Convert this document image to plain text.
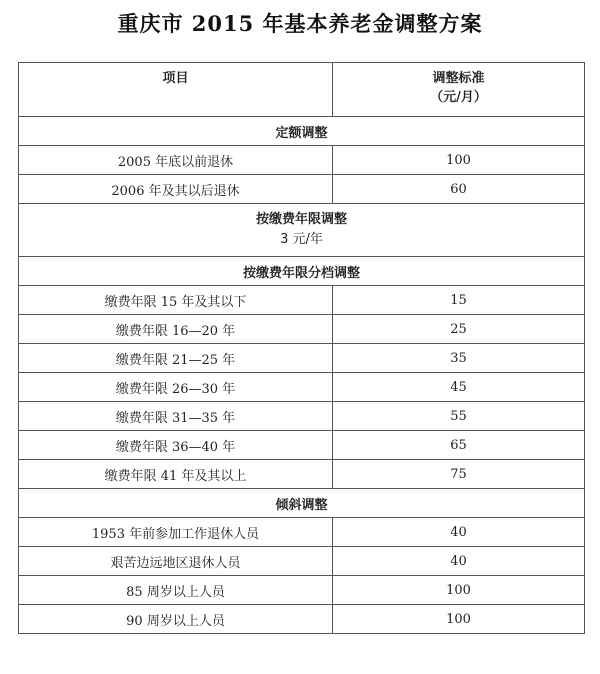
重庆市 2015 年基本养老金调整方案
项目	调整标准
（元/月）

定额调整	
2005 年底以前退休	100
2006 年及其以后退休	60

按缴费年限调整
3 元/年	

按缴费年限分档调整	
缴费年限 15 年及其以下	15
缴费年限 16—20 年	25
缴费年限 21—25 年	35
缴费年限 26—30 年	45
缴费年限 31—35 年	55
缴费年限 36—40 年	65
缴费年限 41 年及其以上	75
倾斜调整	
1953 年前参加工作退休人员	40
艰苦边远地区退休人员	40
85 周岁以上人员	100
90 周岁以上人员	100
